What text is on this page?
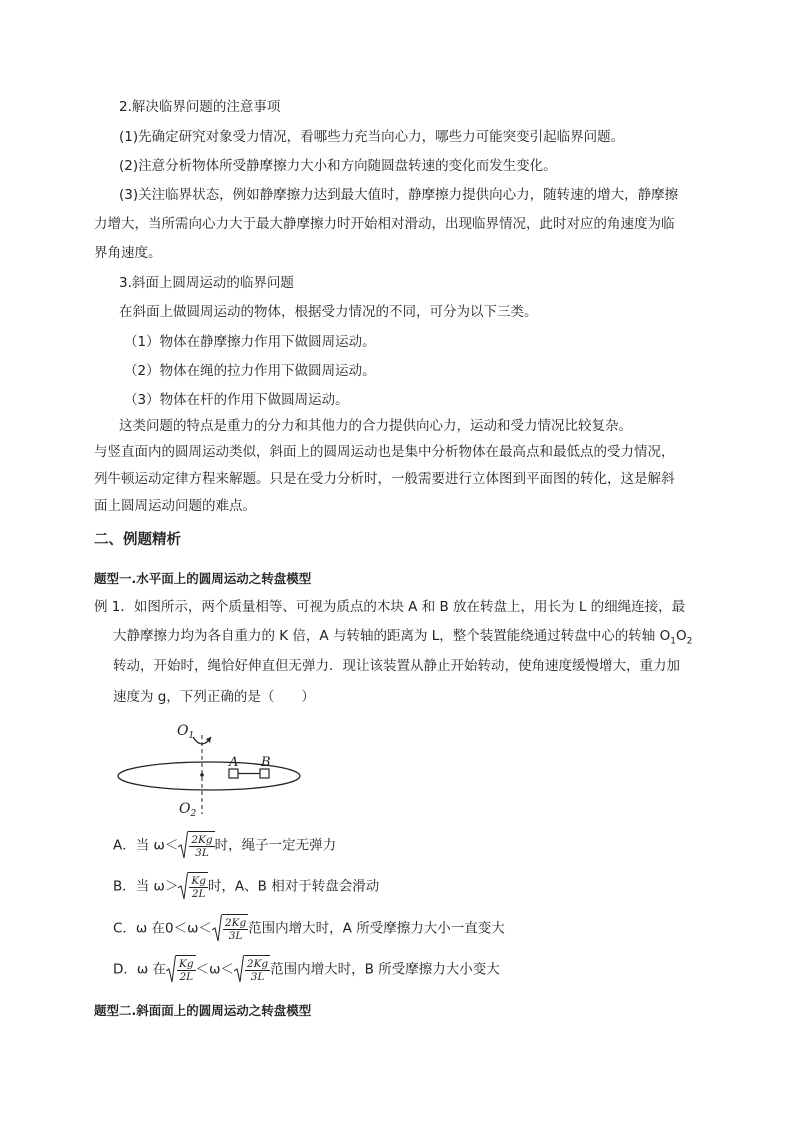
2.解决临界问题的注意事项
(1)先确定研究对象受力情况，看哪些力充当向心力，哪些力可能突变引起临界问题。
(2)注意分析物体所受静摩擦力大小和方向随圆盘转速的变化而发生变化。
(3)关注临界状态，例如静摩擦力达到最大值时，静摩擦力提供向心力，随转速的增大，静摩擦
力增大，当所需向心力大于最大静摩擦力时开始相对滑动，出现临界情况，此时对应的角速度为临
界角速度。
3.斜面上圆周运动的临界问题
在斜面上做圆周运动的物体，根据受力情况的不同，可分为以下三类。
（1）物体在静摩擦力作用下做圆周运动。
（2）物体在绳的拉力作用下做圆周运动。
（3）物体在杆的作用下做圆周运动。
这类问题的特点是重力的分力和其他力的合力提供向心力，运动和受力情况比较复杂。
与竖直面内的圆周运动类似，斜面上的圆周运动也是集中分析物体在最高点和最低点的受力情况，
列牛顿运动定律方程来解题。只是在受力分析时，一般需要进行立体图到平面图的转化，这是解斜
面上圆周运动问题的难点。
二、例题精析
题型一.水平面上的圆周运动之转盘模型
例 1．如图所示，两个质量相等、可视为质点的木块 A 和 B 放在转盘上，用长为 L 的细绳连接，最
大静摩擦力均为各自重力的 K 倍，A 与转轴的距离为 L，整个装置能绕通过转盘中心的转轴 $O_1O_2$
转动，开始时，绳恰好伸直但无弹力．现让该装置从静止开始转动，使角速度缓慢增大，重力加
速度为 g，下列正确的是（　　）
$O_1$
A B
$O_2$
A．当 $\omega< \frac{2Kg}{3L}$ 时，绳子一定无弹力
B．当 $\omega> \frac{Kg}{2L}$ 时，A、B 相对于转盘会滑动
C．ω 在$0<\omega< \frac{2Kg}{3L}$ 范围内增大时，A 所受摩擦力大小一直变大
D．ω 在 $\frac{Kg}{2L} <\omega< \frac{2Kg}{3L}$ 范围内增大时，B 所受摩擦力大小变大
题型二.斜面面上的圆周运动之转盘模型
